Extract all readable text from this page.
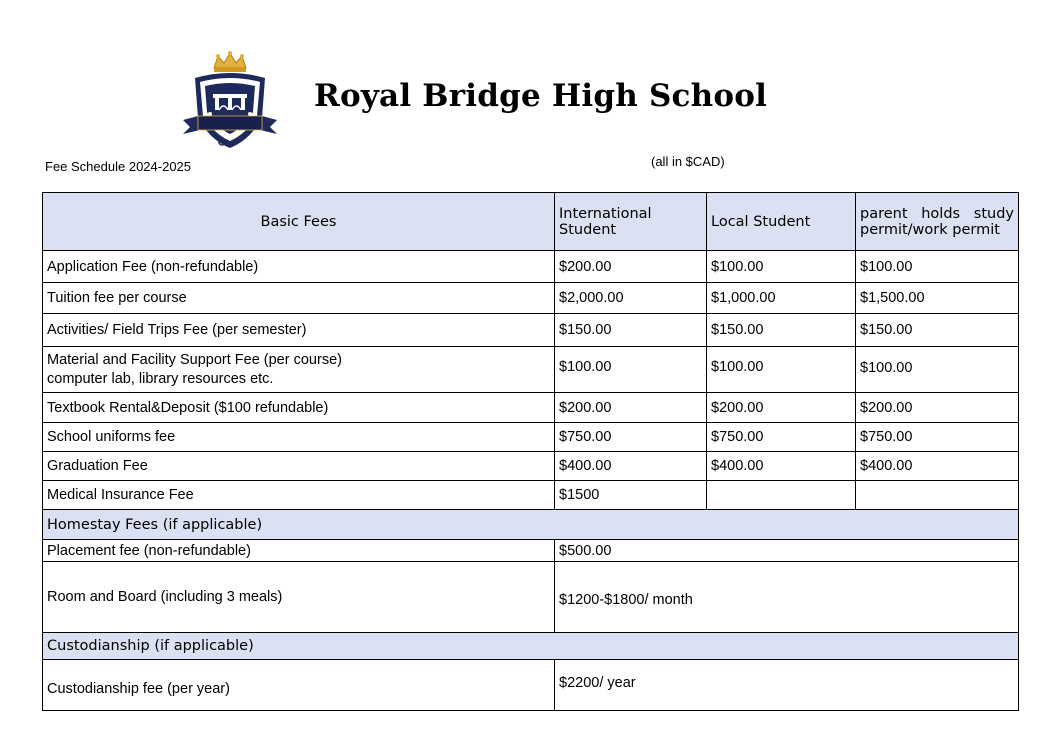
Royal Bridge High School
Fee Schedule 2024-2025	(all in $CAD)
Basic Fees	International Student	Local Student	parent holds study permit/work permit
Application Fee (non-refundable)	$200.00	$100.00	$100.00
Tuition fee per course	$2,000.00	$1,000.00	$1,500.00
Activities/ Field Trips Fee (per semester)	$150.00	$150.00	$150.00

Material and Facility Support Fee (per course)
computer lab, library resources etc.	$100.00	$100.00	$100.00
Textbook Rental&Deposit ($100 refundable)	$200.00	$200.00	$200.00
School uniforms fee	$750.00	$750.00	$750.00
Graduation Fee	$400.00	$400.00	$400.00
Medical Insurance Fee	$1500		
Homestay Fees (if applicable)			
Placement fee (non-refundable)	$500.00		
Room and Board (including 3 meals)	$1200-$1800/ month		
Custodianship (if applicable)			
Custodianship fee (per year)	$2200/ year		
